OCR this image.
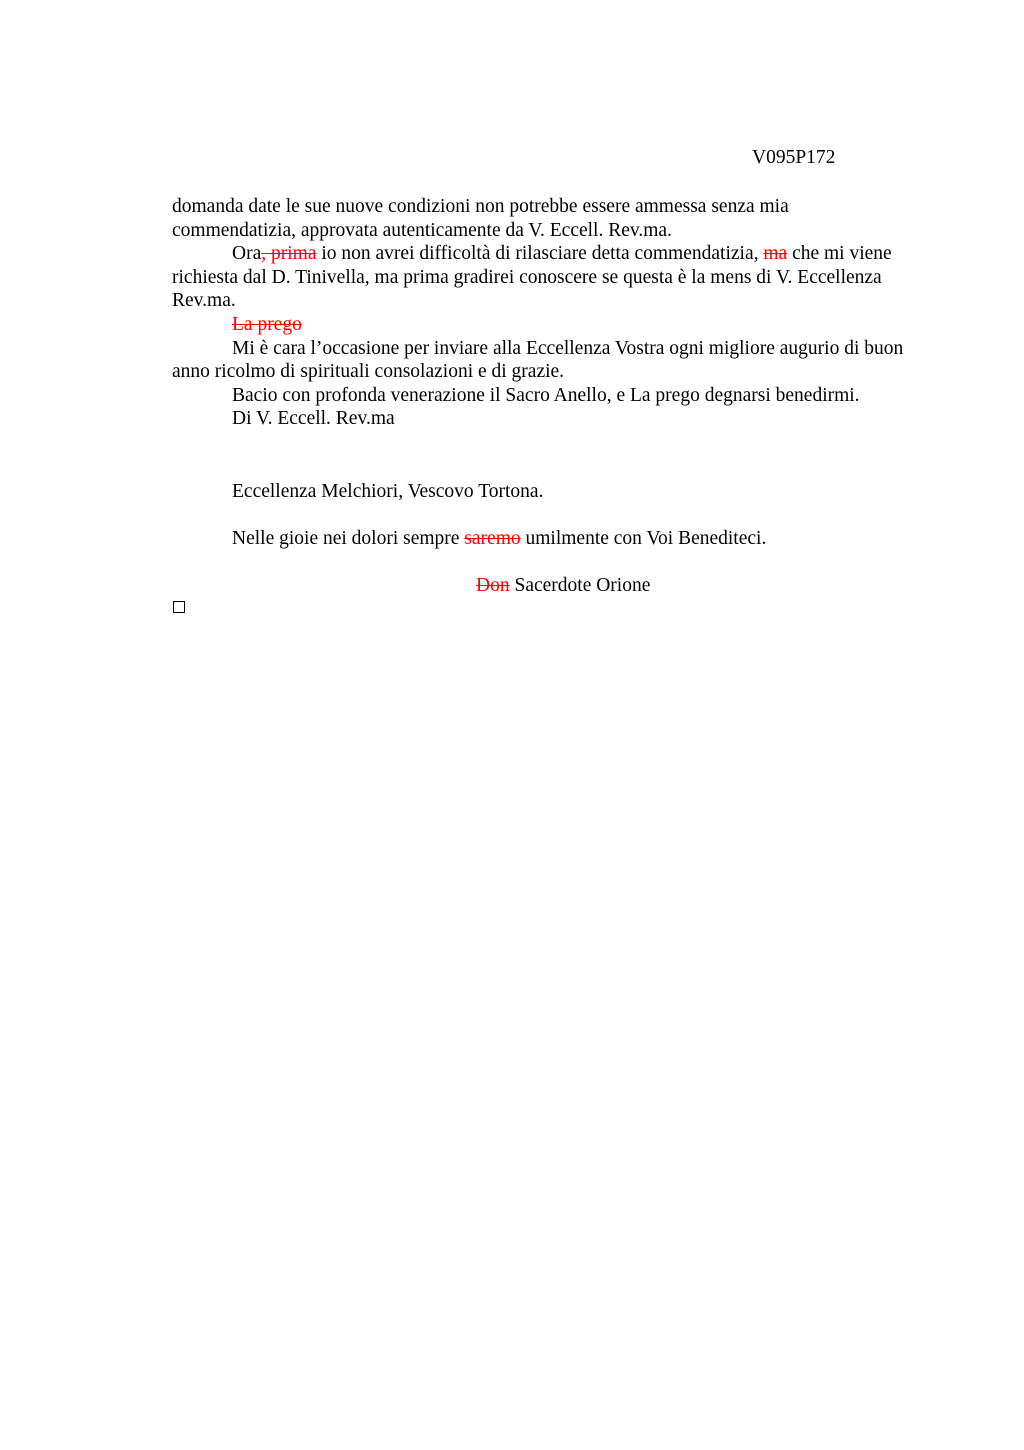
V095P172

domanda date le sue nuove condizioni non potrebbe essere ammessa senza mia commendatizia, approvata autenticamente da V. Eccell. Rev.ma.

Ora, prima io non avrei difficoltà di rilasciare detta commendatizia, ma che mi viene richiesta dal D. Tinivella, ma prima gradirei conoscere se questa è la mens di V. Eccellenza Rev.ma.

La prego

Mi è cara l’occasione per inviare alla Eccellenza Vostra ogni migliore augurio di buon anno ricolmo di spirituali consolazioni e di grazie.

Bacio con profonda venerazione il Sacro Anello, e La prego degnarsi benedirmi.

Di V. Eccell. Rev.ma

Eccellenza Melchiori, Vescovo Tortona.
Nelle gioie nei dolori sempre saremo umilmente con Voi Benediteci.
Don Sacerdote Orione
